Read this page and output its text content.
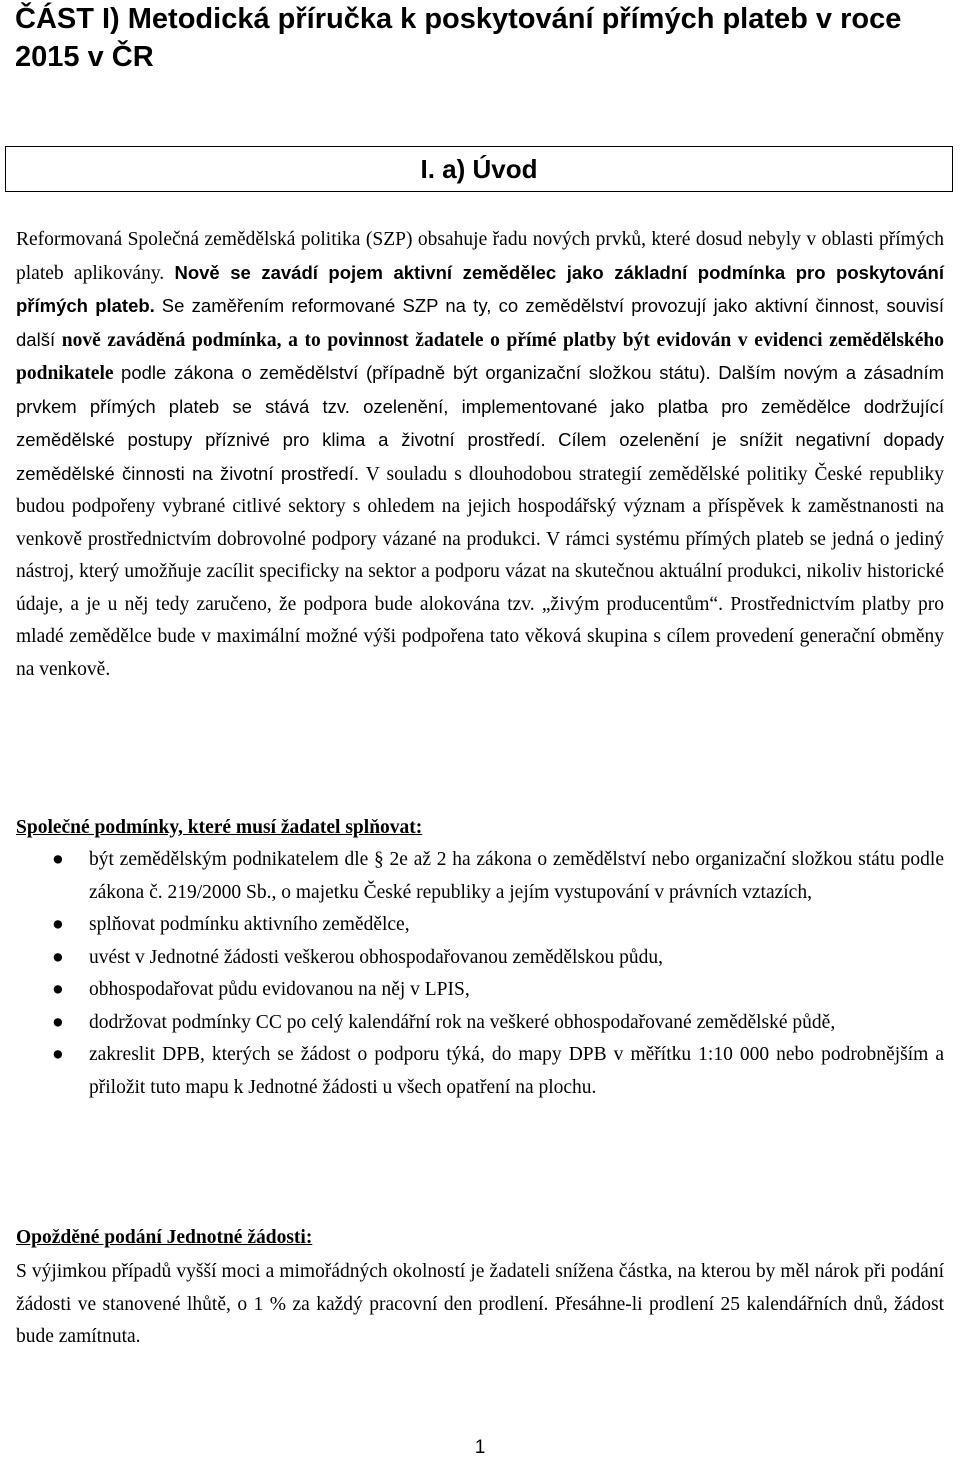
ČÁST I) Metodická příručka k poskytování přímých plateb v roce 2015 v ČR
I. a) Úvod

Reformovaná Společná zemědělská politika (SZP) obsahuje řadu nových prvků, které dosud nebyly v oblasti přímých plateb aplikovány. Nově se zavádí pojem aktivní zemědělec jako základní podmínka pro poskytování přímých plateb. Se zaměřením reformované SZP na ty, co zemědělství provozují jako aktivní činnost, souvisí další nově zaváděná podmínka, a to povinnost žadatele o přímé platby být evidován v evidenci zemědělského podnikatele podle zákona o zemědělství (případně být organizační složkou státu). Dalším novým a zásadním prvkem přímých plateb se stává tzv. ozelenění, implementované jako platba pro zemědělce dodržující zemědělské postupy příznivé pro klima a životní prostředí. Cílem ozelenění je snížit negativní dopady zemědělské činnosti na životní prostředí. V souladu s dlouhodobou strategií zemědělské politiky České republiky budou podpořeny vybrané citlivé sektory s ohledem na jejich hospodářský význam a příspěvek k zaměstnanosti na venkově prostřednictvím dobrovolné podpory vázané na produkci. V rámci systému přímých plateb se jedná o jediný nástroj, který umožňuje zacílit specificky na sektor a podporu vázat na skutečnou aktuální produkci, nikoliv historické údaje, a je u něj tedy zaručeno, že podpora bude alokována tzv. „živým producentům“. Prostřednictvím platby pro mladé zemědělce bude v maximální možné výši podpořena tato věková skupina s cílem provedení generační obměny na venkově.

Společné podmínky, které musí žadatel splňovat:
● být zemědělským podnikatelem dle § 2e až 2 ha zákona o zemědělství nebo organizační složkou státu podle zákona č. 219/2000 Sb., o majetku České republiky a jejím vystupování v právních vztazích,
● splňovat podmínku aktivního zemědělce,
● uvést v Jednotné žádosti veškerou obhospodařovanou zemědělskou půdu,
● obhospodařovat půdu evidovanou na něj v LPIS,
● dodržovat podmínky CC po celý kalendářní rok na veškeré obhospodařované zemědělské půdě,
● zakreslit DPB, kterých se žádost o podporu týká, do mapy DPB v měřítku 1:10 000 nebo podrobnějším a přiložit tuto mapu k Jednotné žádosti u všech opatření na plochu.
Opožděné podání Jednotné žádosti:

S výjimkou případů vyšší moci a mimořádných okolností je žadateli snížena částka, na kterou by měl nárok při podání žádosti ve stanovené lhůtě, o 1 % za každý pracovní den prodlení. Přesáhne-li prodlení 25 kalendářních dnů, žádost bude zamítnuta.

1
